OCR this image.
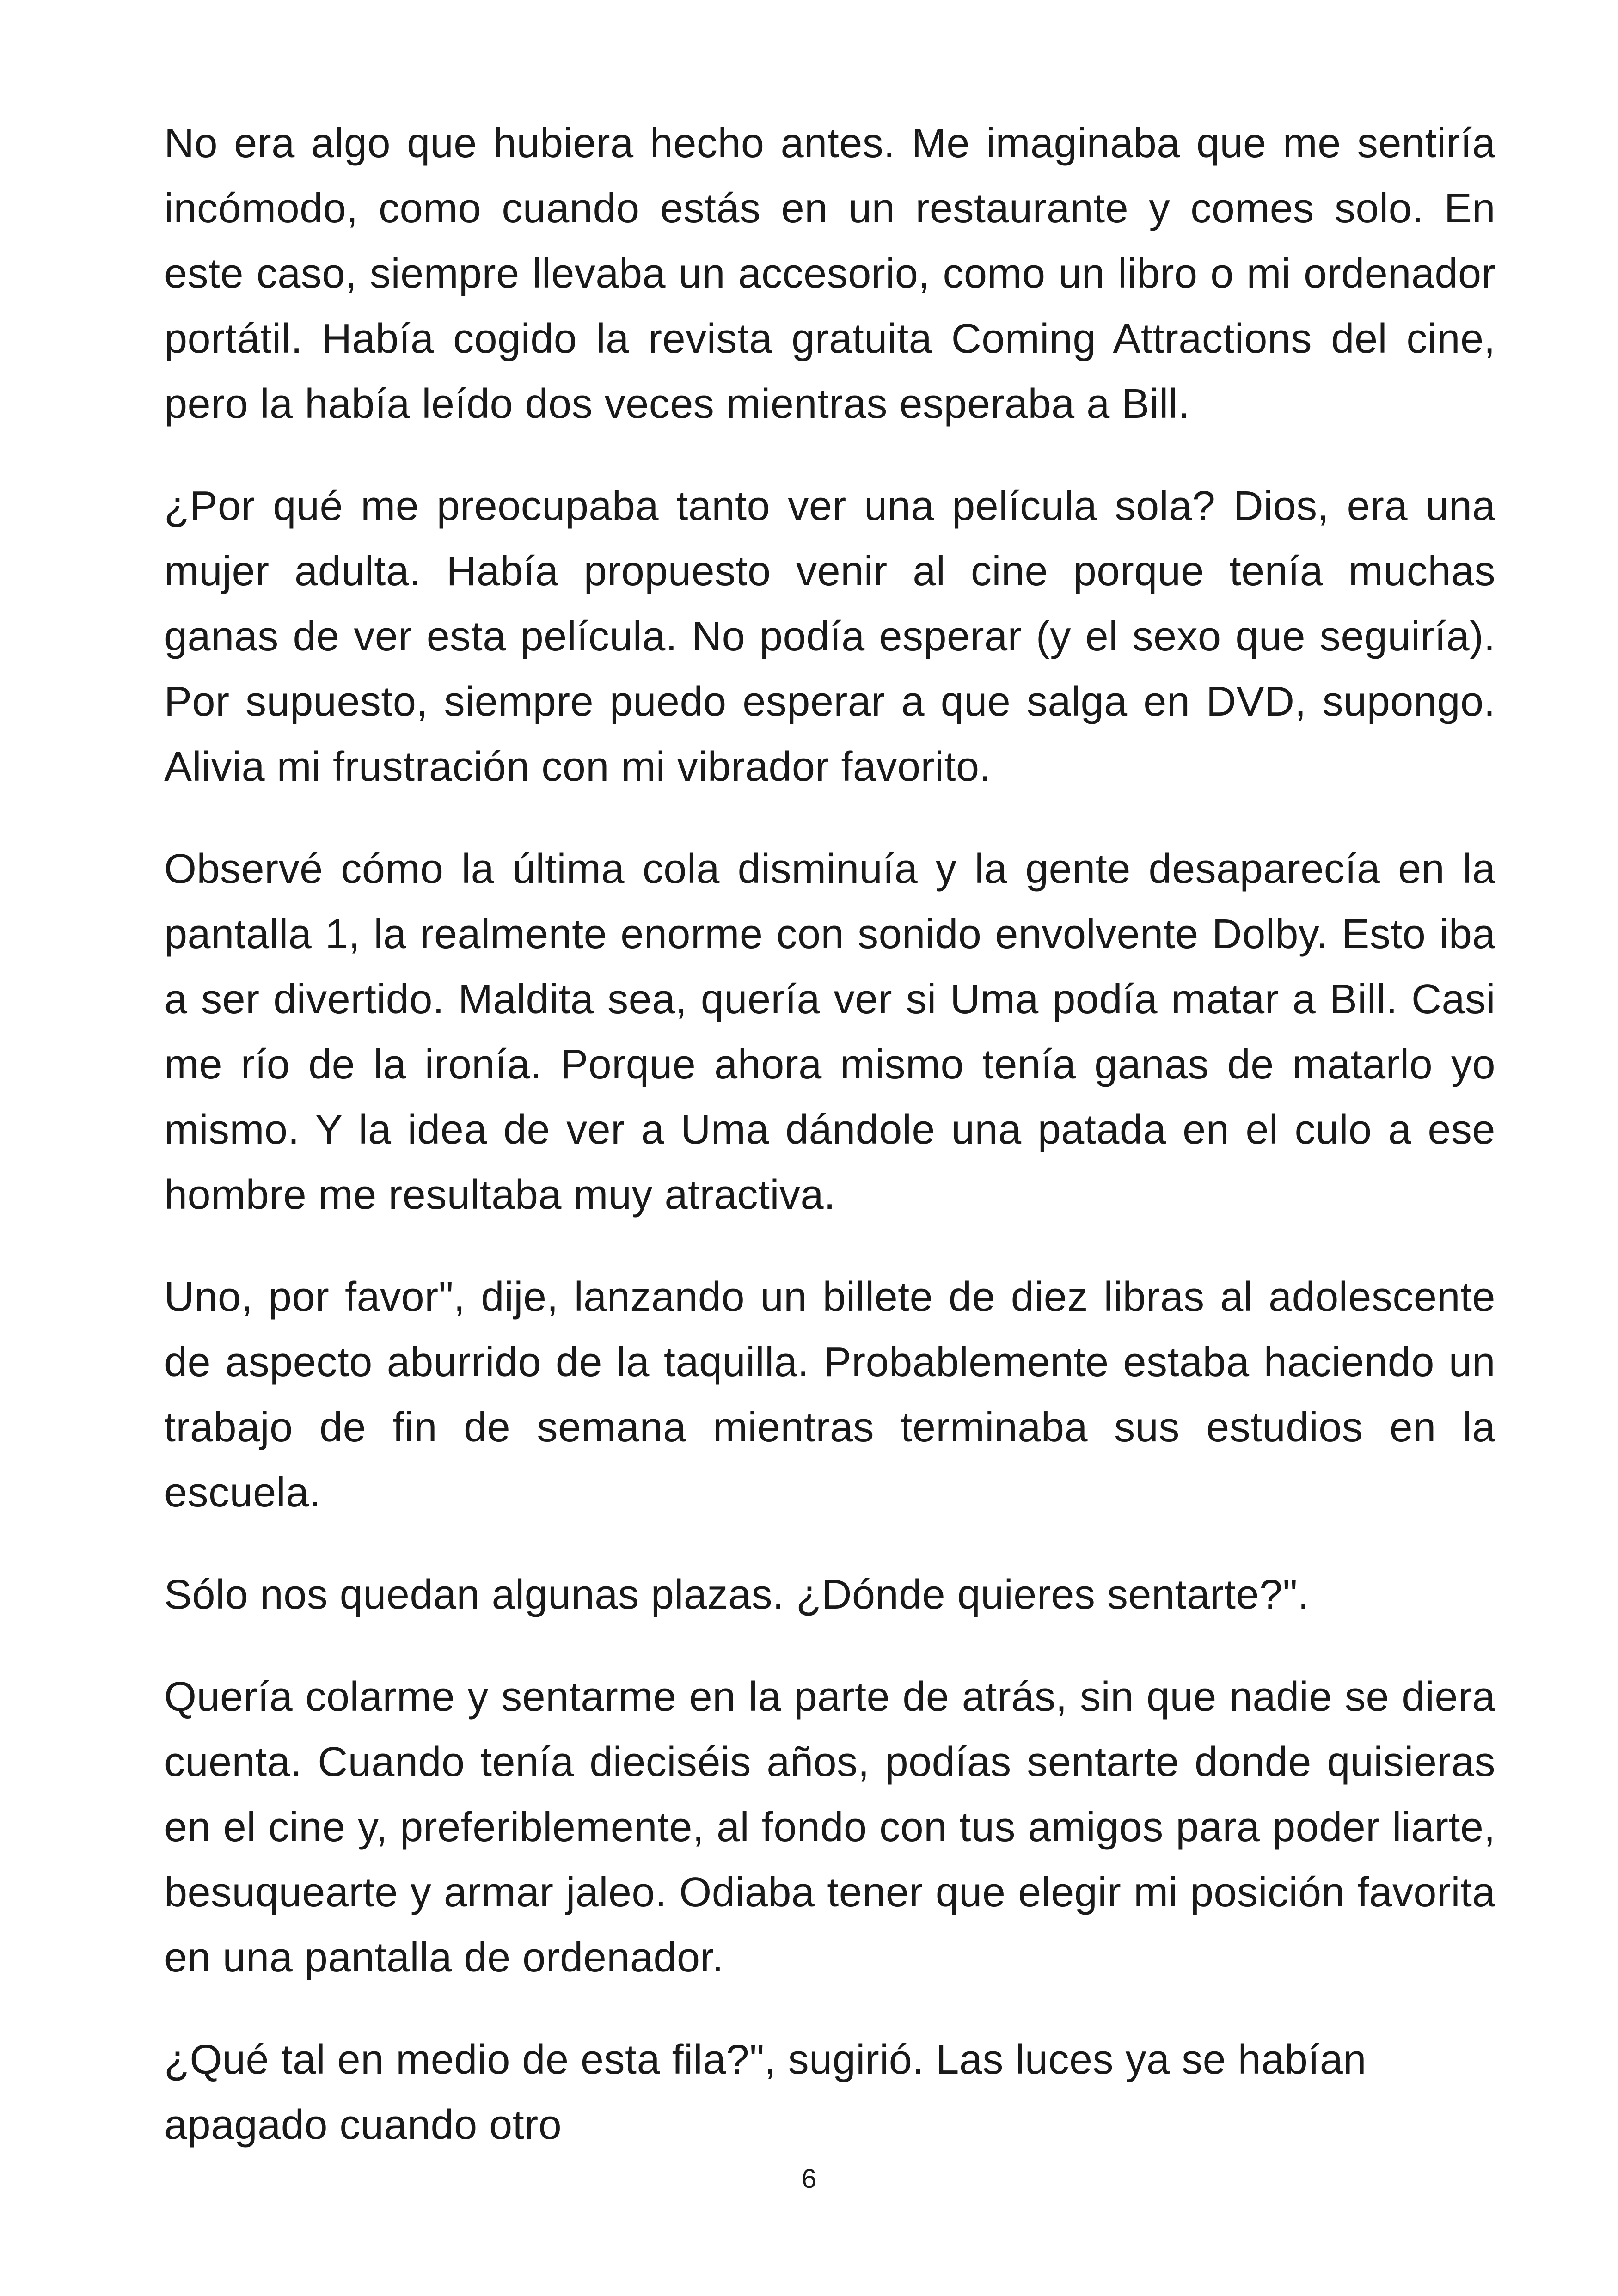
No era algo que hubiera hecho antes. Me imaginaba que me sentiría incómodo, como cuando estás en un restaurante y comes solo. En este caso, siempre llevaba un accesorio, como un libro o mi ordenador portátil. Había cogido la revista gratuita Coming Attractions del cine, pero la había leído dos veces mientras esperaba a Bill.

¿Por qué me preocupaba tanto ver una película sola? Dios, era una mujer adulta. Había propuesto venir al cine porque tenía muchas ganas de ver esta película. No podía esperar (y el sexo que seguiría). Por supuesto, siempre puedo esperar a que salga en DVD, supongo. Alivia mi frustración con mi vibrador favorito.

Observé cómo la última cola disminuía y la gente desaparecía en la pantalla 1, la realmente enorme con sonido envolvente Dolby. Esto iba a ser divertido. Maldita sea, quería ver si Uma podía matar a Bill. Casi me río de la ironía. Porque ahora mismo tenía ganas de matarlo yo mismo. Y la idea de ver a Uma dándole una patada en el culo a ese hombre me resultaba muy atractiva.

Uno, por favor", dije, lanzando un billete de diez libras al adolescente de aspecto aburrido de la taquilla. Probablemente estaba haciendo un trabajo de fin de semana mientras terminaba sus estudios en la escuela.

Sólo nos quedan algunas plazas. ¿Dónde quieres sentarte?".

Quería colarme y sentarme en la parte de atrás, sin que nadie se diera cuenta. Cuando tenía dieciséis años, podías sentarte donde quisieras en el cine y, preferiblemente, al fondo con tus amigos para poder liarte, besuquearte y armar jaleo. Odiaba tener que elegir mi posición favorita en una pantalla de ordenador.

¿Qué tal en medio de esta fila?", sugirió. Las luces ya se habían apagado cuando otro

6
